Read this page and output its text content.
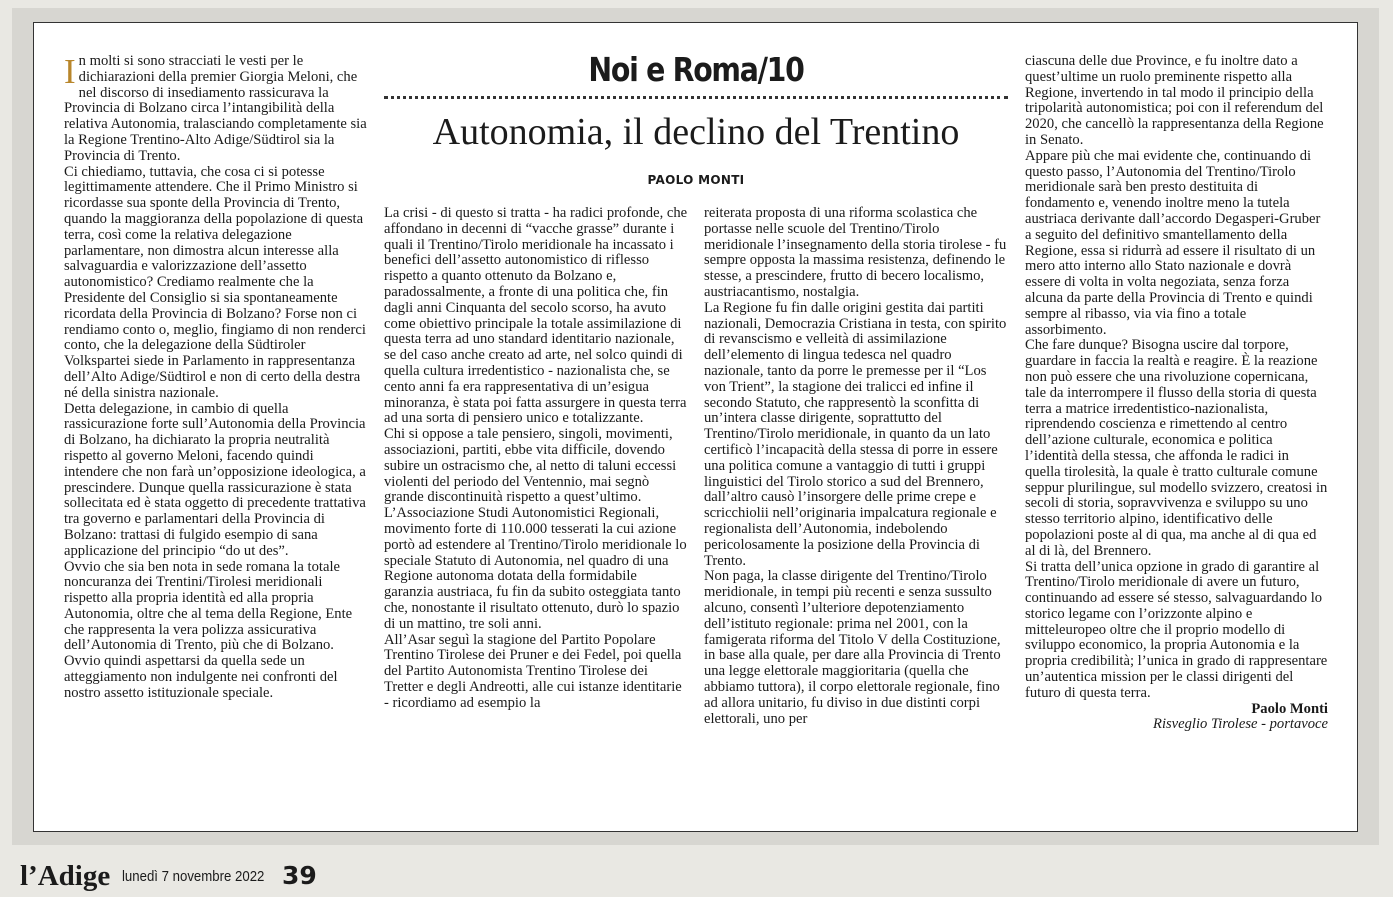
Noi e Roma/10
Autonomia, il declino del Trentino
PAOLO MONTI

In molti si sono stracciati le vesti per le dichiarazioni della premier Giorgia Meloni, che nel discorso di insediamento rassicurava la Provincia di Bolzano circa l’intangibilità della relativa Autonomia, tralasciando completamente sia la Regione Trentino-Alto Adige/Südtirol sia la Provincia di Trento.

Ci chiediamo, tuttavia, che cosa ci si potesse legittimamente attendere. Che il Primo Ministro si ricordasse sua sponte della Provincia di Trento, quando la maggioranza della popolazione di questa terra, così come la relativa delegazione parlamentare, non dimostra alcun interesse alla salvaguardia e valorizzazione dell’assetto autonomistico? Crediamo realmente che la Presidente del Consiglio si sia spontaneamente ricordata della Provincia di Bolzano? Forse non ci rendiamo conto o, meglio, fingiamo di non renderci conto, che la delegazione della Südtiroler Volkspartei siede in Parlamento in rappresentanza dell’Alto Adige/Südtirol e non di certo della destra né della sinistra nazionale.

Detta delegazione, in cambio di quella rassicurazione forte sull’Autonomia della Provincia di Bolzano, ha dichiarato la propria neutralità rispetto al governo Meloni, facendo quindi intendere che non farà un’opposizione ideologica, a prescindere. Dunque quella rassicurazione è stata sollecitata ed è stata oggetto di precedente trattativa tra governo e parlamentari della Provincia di Bolzano: trattasi di fulgido esempio di sana applicazione del principio “do ut des”.

Ovvio che sia ben nota in sede romana la totale noncuranza dei Trentini/Tirolesi meridionali rispetto alla propria identità ed alla propria Autonomia, oltre che al tema della Regione, Ente che rappresenta la vera polizza assicurativa dell’Autonomia di Trento, più che di Bolzano. Ovvio quindi aspettarsi da quella sede un atteggiamento non indulgente nei confronti del nostro assetto istituzionale speciale.

La crisi - di questo si tratta - ha radici profonde, che affondano in decenni di “vacche grasse” durante i quali il Trentino/Tirolo meridionale ha incassato i benefici dell’assetto autonomistico di riflesso rispetto a quanto ottenuto da Bolzano e, paradossalmente, a fronte di una politica che, fin dagli anni Cinquanta del secolo scorso, ha avuto come obiettivo principale la totale assimilazione di questa terra ad uno standard identitario nazionale, se del caso anche creato ad arte, nel solco quindi di quella cultura irredentistico - nazionalista che, se cento anni fa era rappresentativa di un’esigua minoranza, è stata poi fatta assurgere in questa terra ad una sorta di pensiero unico e totalizzante.

Chi si oppose a tale pensiero, singoli, movimenti, associazioni, partiti, ebbe vita difficile, dovendo subire un ostracismo che, al netto di taluni eccessi violenti del periodo del Ventennio, mai segnò grande discontinuità rispetto a quest’ultimo.

L’Associazione Studi Autonomistici Regionali, movimento forte di 110.000 tesserati la cui azione portò ad estendere al Trentino/Tirolo meridionale lo speciale Statuto di Autonomia, nel quadro di una Regione autonoma dotata della formidabile garanzia austriaca, fu fin da subito osteggiata tanto che, nonostante il risultato ottenuto, durò lo spazio di un mattino, tre soli anni.

All’Asar seguì la stagione del Partito Popolare Trentino Tirolese dei Pruner e dei Fedel, poi quella del Partito Autonomista Trentino Tirolese dei Tretter e degli Andreotti, alle cui istanze identitarie - ricordiamo ad esempio la

reiterata proposta di una riforma scolastica che portasse nelle scuole del Trentino/Tirolo meridionale l’insegnamento della storia tirolese - fu sempre opposta la massima resistenza, definendo le stesse, a prescindere, frutto di becero localismo, austriacantismo, nostalgia.

La Regione fu fin dalle origini gestita dai partiti nazionali, Democrazia Cristiana in testa, con spirito di revanscismo e velleità di assimilazione dell’elemento di lingua tedesca nel quadro nazionale, tanto da porre le premesse per il “Los von Trient”, la stagione dei tralicci ed infine il secondo Statuto, che rappresentò la sconfitta di un’intera classe dirigente, soprattutto del Trentino/Tirolo meridionale, in quanto da un lato certificò l’incapacità della stessa di porre in essere una politica comune a vantaggio di tutti i gruppi linguistici del Tirolo storico a sud del Brennero, dall’altro causò l’insorgere delle prime crepe e scricchiolii nell’originaria impalcatura regionale e regionalista dell’Autonomia, indebolendo pericolosamente la posizione della Provincia di Trento.

Non paga, la classe dirigente del Trentino/Tirolo meridionale, in tempi più recenti e senza sussulto alcuno, consentì l’ulteriore depotenziamento dell’istituto regionale: prima nel 2001, con la famigerata riforma del Titolo V della Costituzione, in base alla quale, per dare alla Provincia di Trento una legge elettorale maggioritaria (quella che abbiamo tuttora), il corpo elettorale regionale, fino ad allora unitario, fu diviso in due distinti corpi elettorali, uno per

ciascuna delle due Province, e fu inoltre dato a quest’ultime un ruolo preminente rispetto alla Regione, invertendo in tal modo il principio della tripolarità autonomistica; poi con il referendum del 2020, che cancellò la rappresentanza della Regione in Senato.

Appare più che mai evidente che, continuando di questo passo, l’Autonomia del Trentino/Tirolo meridionale sarà ben presto destituita di fondamento e, venendo inoltre meno la tutela austriaca derivante dall’accordo Degasperi-Gruber a seguito del definitivo smantellamento della Regione, essa si ridurrà ad essere il risultato di un mero atto interno allo Stato nazionale e dovrà essere di volta in volta negoziata, senza forza alcuna da parte della Provincia di Trento e quindi sempre al ribasso, via via fino a totale assorbimento.

Che fare dunque? Bisogna uscire dal torpore, guardare in faccia la realtà e reagire. È la reazione non può essere che una rivoluzione copernicana, tale da interrompere il flusso della storia di questa terra a matrice irredentistico-nazionalista, riprendendo coscienza e rimettendo al centro dell’azione culturale, economica e politica l’identità della stessa, che affonda le radici in quella tirolesità, la quale è tratto culturale comune seppur plurilingue, sul modello svizzero, creatosi in secoli di storia, sopravvivenza e sviluppo su uno stesso territorio alpino, identificativo delle popolazioni poste al di qua, ma anche al di qua ed al di là, del Brennero.

Si tratta dell’unica opzione in grado di garantire al Trentino/Tirolo meridionale di avere un futuro, continuando ad essere sé stesso, salvaguardando lo storico legame con l’orizzonte alpino e mitteleuropeo oltre che il proprio modello di sviluppo economico, la propria Autonomia e la propria credibilità; l’unica in grado di rappresentare un’autentica mission per le classi dirigenti del futuro di questa terra.

Paolo Monti

Risveglio Tirolese - portavoce

l’Adige lunedì 7 novembre 2022 39
